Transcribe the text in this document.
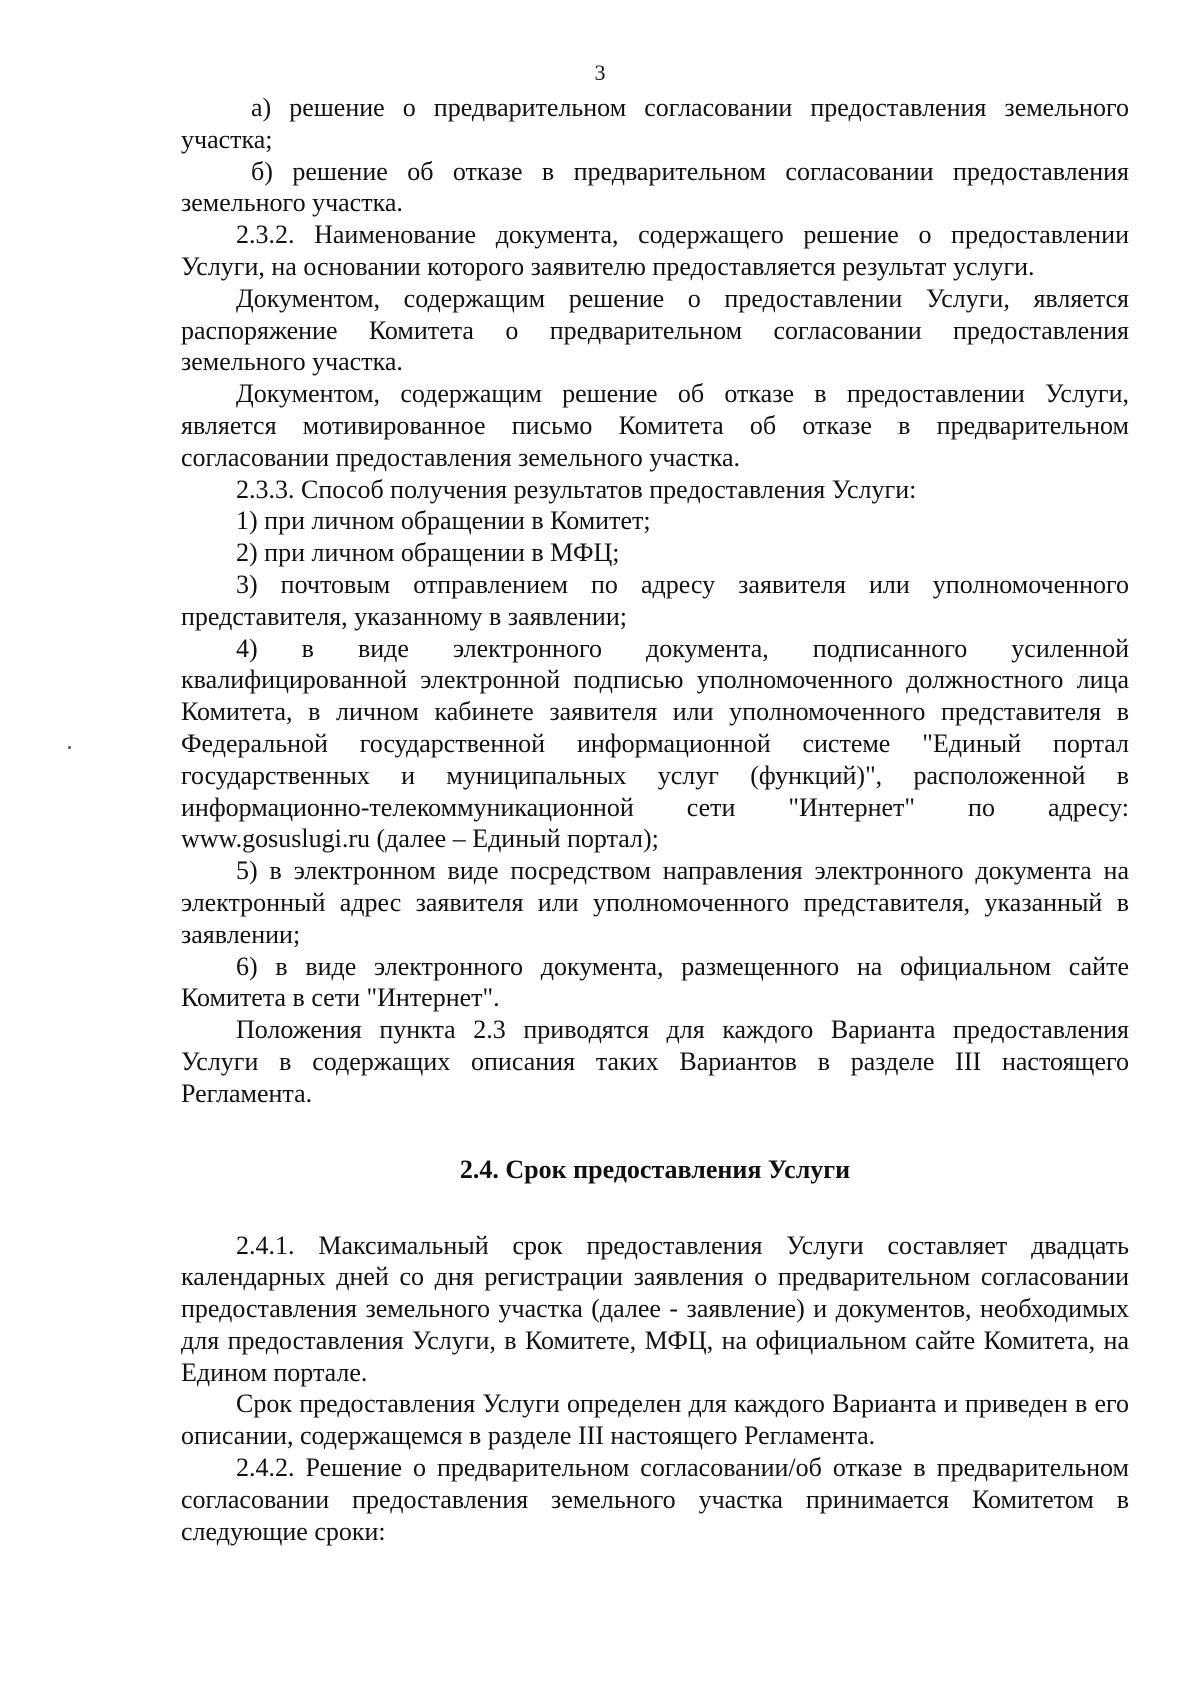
3

а) решение о предварительном согласовании предоставления земельного участка;

б) решение об отказе в предварительном согласовании предоставления земельного участка.

2.3.2. Наименование документа, содержащего решение о предоставлении Услуги, на основании которого заявителю предоставляется результат услуги.

Документом, содержащим решение о предоставлении Услуги, является распоряжение Комитета о предварительном согласовании предоставления земельного участка.

Документом, содержащим решение об отказе в предоставлении Услуги, является мотивированное письмо Комитета об отказе в предварительном согласовании предоставления земельного участка.

2.3.3. Способ получения результатов предоставления Услуги:

1) при личном обращении в Комитет;

2) при личном обращении в МФЦ;

3) почтовым отправлением по адресу заявителя или уполномоченного представителя, указанному в заявлении;

4) в виде электронного документа, подписанного усиленной квалифицированной электронной подписью уполномоченного должностного лица Комитета, в личном кабинете заявителя или уполномоченного представителя в Федеральной государственной информационной системе "Единый портал государственных и муниципальных услуг (функций)", расположенной в информационно-телекоммуникационной сети "Интернет" по адресу: www.gosuslugi.ru (далее – Единый портал);

5) в электронном виде посредством направления электронного документа на электронный адрес заявителя или уполномоченного представителя, указанный в заявлении;

6) в виде электронного документа, размещенного на официальном сайте Комитета в сети "Интернет".

Положения пункта 2.3 приводятся для каждого Варианта предоставления Услуги в содержащих описания таких Вариантов в разделе III настоящего Регламента.

2.4. Срок предоставления Услуги

2.4.1. Максимальный срок предоставления Услуги составляет двадцать календарных дней со дня регистрации заявления о предварительном согласовании предоставления земельного участка (далее - заявление) и документов, необходимых для предоставления Услуги, в Комитете, МФЦ, на официальном сайте Комитета, на Едином портале.

Срок предоставления Услуги определен для каждого Варианта и приведен в его описании, содержащемся в разделе III настоящего Регламента.

2.4.2. Решение о предварительном согласовании/об отказе в предварительном согласовании предоставления земельного участка принимается Комитетом в следующие сроки:
